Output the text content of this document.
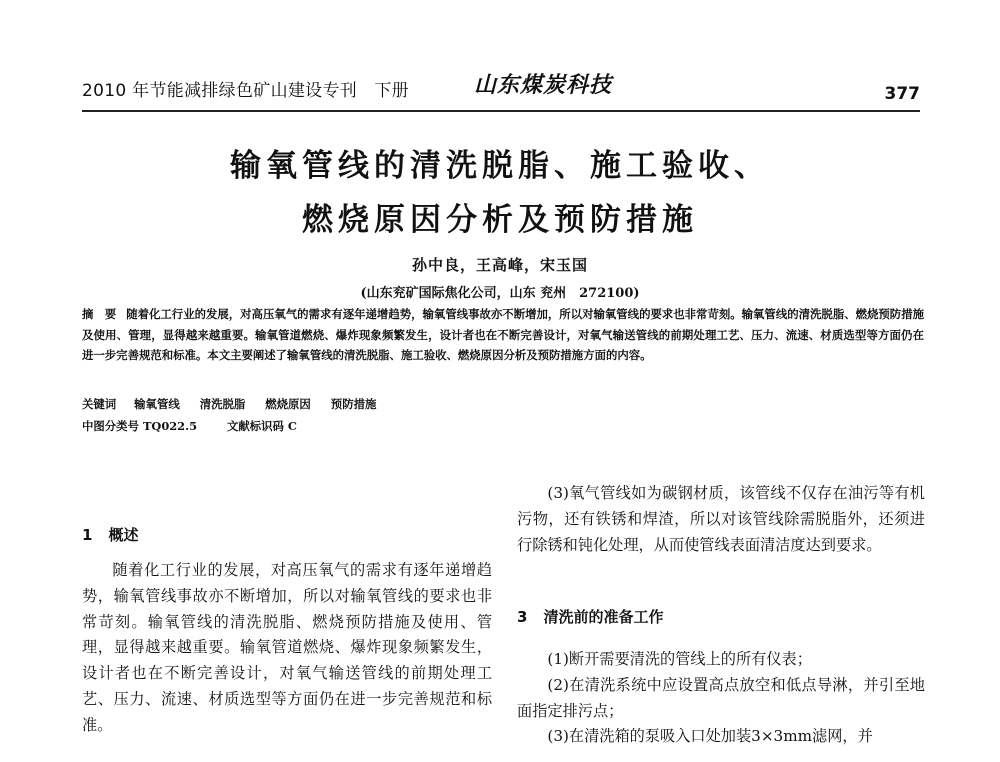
2010 年节能减排绿色矿山建设专刊　下册	山东煤炭科技	377
输氧管线的清洗脱脂、施工验收、
燃烧原因分析及预防措施
孙中良，王高峰，宋玉国
(山东兖矿国际焦化公司，山东 兖州　272100)
摘　要 随着化工行业的发展，对高压氧气的需求有逐年递增趋势，输氧管线事故亦不断增加，所以对输氧管线的要求也非常苛刻。输氧管线的清洗脱脂、燃烧预防措施及使用、管理，显得越来越重要。输氧管道燃烧、爆炸现象频繁发生，设计者也在不断完善设计，对氧气输送管线的前期处理工艺、压力、流速、材质选型等方面仍在进一步完善规范和标准。本文主要阐述了输氧管线的清洗脱脂、施工验收、燃烧原因分析及预防措施方面的内容。
关键词 输氧管线 清洗脱脂 燃烧原因 预防措施
中图分类号 TQ022.5	文献标识码 C
1 概述

随着化工行业的发展，对高压氧气的需求有逐年递增趋势，输氧管线事故亦不断增加，所以对输氧管线的要求也非常苛刻。输氧管线的清洗脱脂、燃烧预防措施及使用、管理，显得越来越重要。输氧管道燃烧、爆炸现象频繁发生，设计者也在不断完善设计，对氧气输送管线的前期处理工艺、压力、流速、材质选型等方面仍在进一步完善规范和标准。

(3)氧气管线如为碳钢材质，该管线不仅存在油污等有机污物，还有铁锈和焊渣，所以对该管线除需脱脂外，还须进行除锈和钝化处理，从而使管线表面清洁度达到要求。

3 清洗前的准备工作

(1)断开需要清洗的管线上的所有仪表；

(2)在清洗系统中应设置高点放空和低点导淋，并引至地面指定排污点；

(3)在清洗箱的泵吸入口处加装3×3mm滤网，并
